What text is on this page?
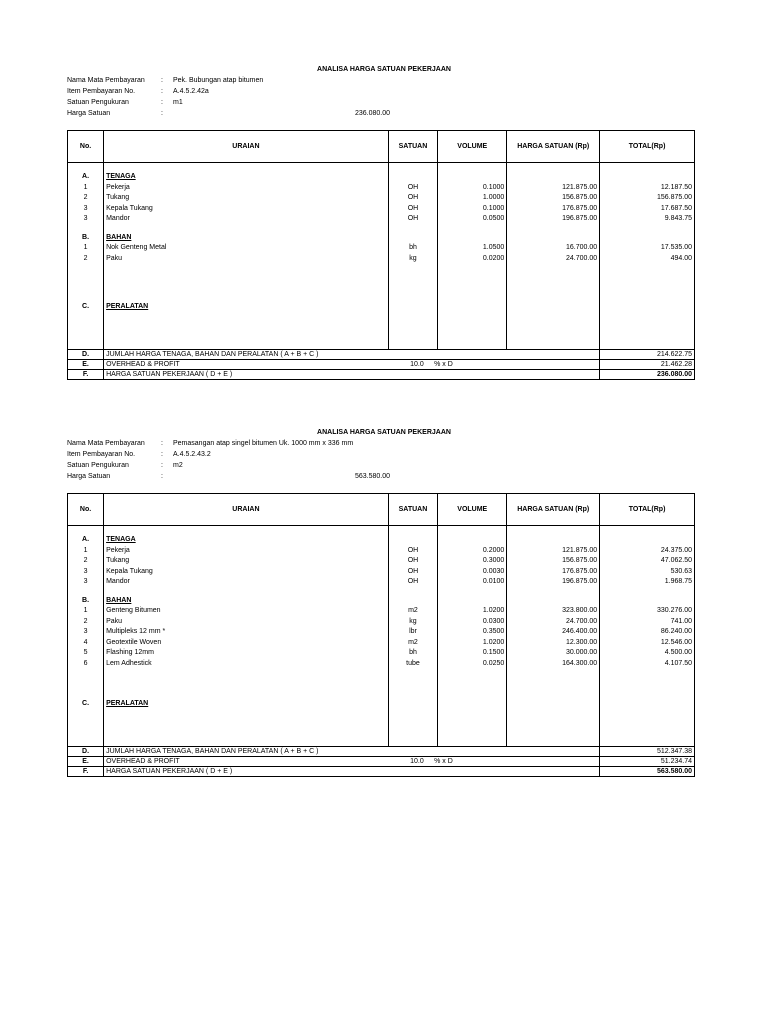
ANALISA HARGA SATUAN PEKERJAAN
Nama Mata Pembayaran : Pek. Bubungan atap bitumen
Item Pembayaran No.	: A.4.5.2.42a
Satuan Pengukuran	: m1
Harga Satuan	:	236.080.00
No.	URAIAN	SATUAN	VOLUME	HARGA SATUAN (Rp)	TOTAL(Rp)

A.	TENAGA				
1	Pekerja	OH	0.1000	121.875.00	12.187.50
2	Tukang	OH	1.0000	156.875.00	156.875.00
3	Kepala Tukang	OH	0.1000	176.875.00	17.687.50
3	Mandor	OH	0.0500	196.875.00	9.843.75

B.	BAHAN				
1	Nok Genteng Metal	bh	1.0500	16.700.00	17.535.00
2	Paku	kg	0.0200	24.700.00	494.00

C.	PERALATAN				

D.	JUMLAH HARGA TENAGA, BAHAN DAN PERALATAN ( A + B + C )				214.622.75
E.	OVERHEAD & PROFIT 10.0 % x D				21.462.28
F.	HARGA SATUAN PEKERJAAN ( D + E )				236.080.00
ANALISA HARGA SATUAN PEKERJAAN
Nama Mata Pembayaran : Pemasangan atap singel bitumen Uk. 1000 mm x 336 mm
Item Pembayaran No.	: A.4.5.2.43.2
Satuan Pengukuran	: m2
Harga Satuan	:	563.580.00
No.	URAIAN	SATUAN	VOLUME	HARGA SATUAN (Rp)	TOTAL(Rp)

A.	TENAGA				
1	Pekerja	OH	0.2000	121.875.00	24.375.00
2	Tukang	OH	0.3000	156.875.00	47.062.50
3	Kepala Tukang	OH	0.0030	176.875.00	530.63
3	Mandor	OH	0.0100	196.875.00	1.968.75

B.	BAHAN				
1	Genteng Bitumen	m2	1.0200	323.800.00	330.276.00
2	Paku	kg	0.0300	24.700.00	741.00
3	Multipleks 12 mm *	lbr	0.3500	246.400.00	86.240.00
4	Geotextile Woven	m2	1.0200	12.300.00	12.546.00
5	Flashing 12mm	bh	0.1500	30.000.00	4.500.00
6	Lem Adhestick	tube	0.0250	164.300.00	4.107.50

C.	PERALATAN				

D.	JUMLAH HARGA TENAGA, BAHAN DAN PERALATAN ( A + B + C )				512.347.38
E.	OVERHEAD & PROFIT 10.0 % x D				51.234.74
F.	HARGA SATUAN PEKERJAAN ( D + E )				563.580.00
